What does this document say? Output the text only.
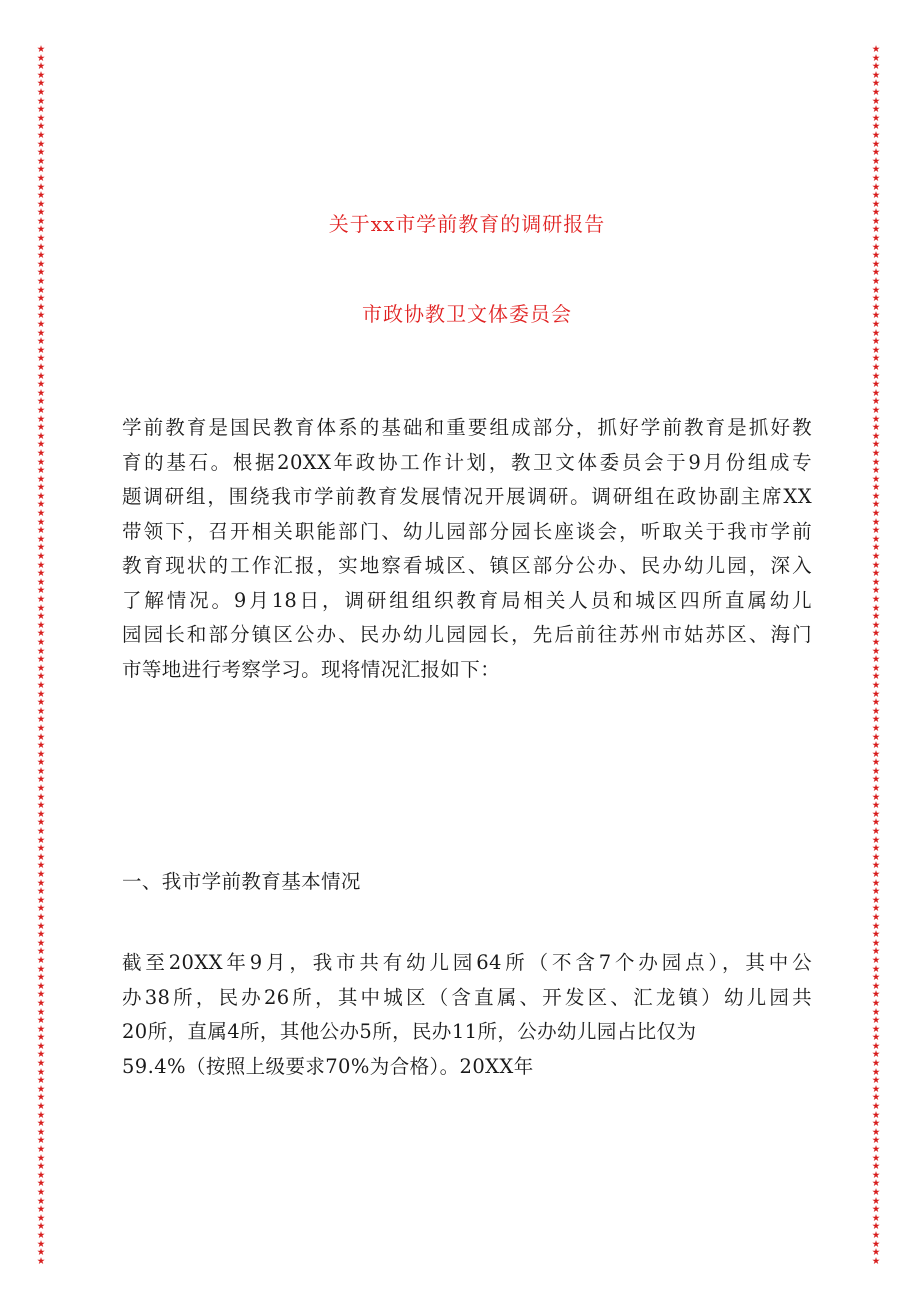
★
★
★
★
★
★
★
★
★
★
★
★
★
★
★
★
★
★
★
★
★
★
★
★
★
★
★
★
★
★
★
★
★
★
★
★
★
★
★
★
★
★
★
★
★
★
★
★
★
★
★
★
★
★
★
★
★
★
★
★
★
★
★
★
★
★
★
★
★
★
★
★
★
★
★
★
★
★
★
★
★
★
★
★
★
★
★
★
★
★
★
★
★
★
★
★
★
★
★
★
★
★
★
★
★
★
★
★
★
★
★
★
★
★
★
★
★
★
★
★
★
★
★
★
★
★
★
★
★
★
★
★
★
★
★
★
★
★
★
★
★
★
★
★
★
★
★
★
★
★
★
★
★
★
★
★
★
★
★
★
★
★
★
★
★
★
★
★
★
★
★
★
★
★
★
★
★
★
★
★
★
★
★
★
★
★
★
★
★
★
★
★
★
★
★
★
★
★
★
★
★
★
★
★
★
★
★
★
★
★
★
★
★
★
★
★
★
★
★
★
★
★
★
★
★
★
★
★
★
★
★
★
★
★
★
★
★
★
★
★
★
★
★
★
★
★
★
★
★
★
★
★
★
★
★
★
★
★
★
★
★
★
★
★
★
★
★
★
★
★
★
★
★
★
★
★
★
★
★
★
★
★
★
★
关于xx市学前教育的调研报告
市政协教卫文体委员会
学前教育是国民教育体系的基础和重要组成部分，抓好学前教育是抓好教
育的基石。根据20XX年政协工作计划，教卫文体委员会于9月份组成专
题调研组，围绕我市学前教育发展情况开展调研。调研组在政协副主席XX
带领下，召开相关职能部门、幼儿园部分园长座谈会，听取关于我市学前
教育现状的工作汇报，实地察看城区、镇区部分公办、民办幼儿园，深入
了解情况。9月18日，调研组组织教育局相关人员和城区四所直属幼儿
园园长和部分镇区公办、民办幼儿园园长，先后前往苏州市姑苏区、海门
市等地进行考察学习。现将情况汇报如下：
一、我市学前教育基本情况
截至20XX年9月，我市共有幼儿园64所（不含7个办园点），其中公
办38所，民办26所，其中城区（含直属、开发区、汇龙镇）幼儿园共
20所，直属4所，其他公办5所，民办11所，公办幼儿园占比仅为
59.4%（按照上级要求70%为合格）。20XX年
